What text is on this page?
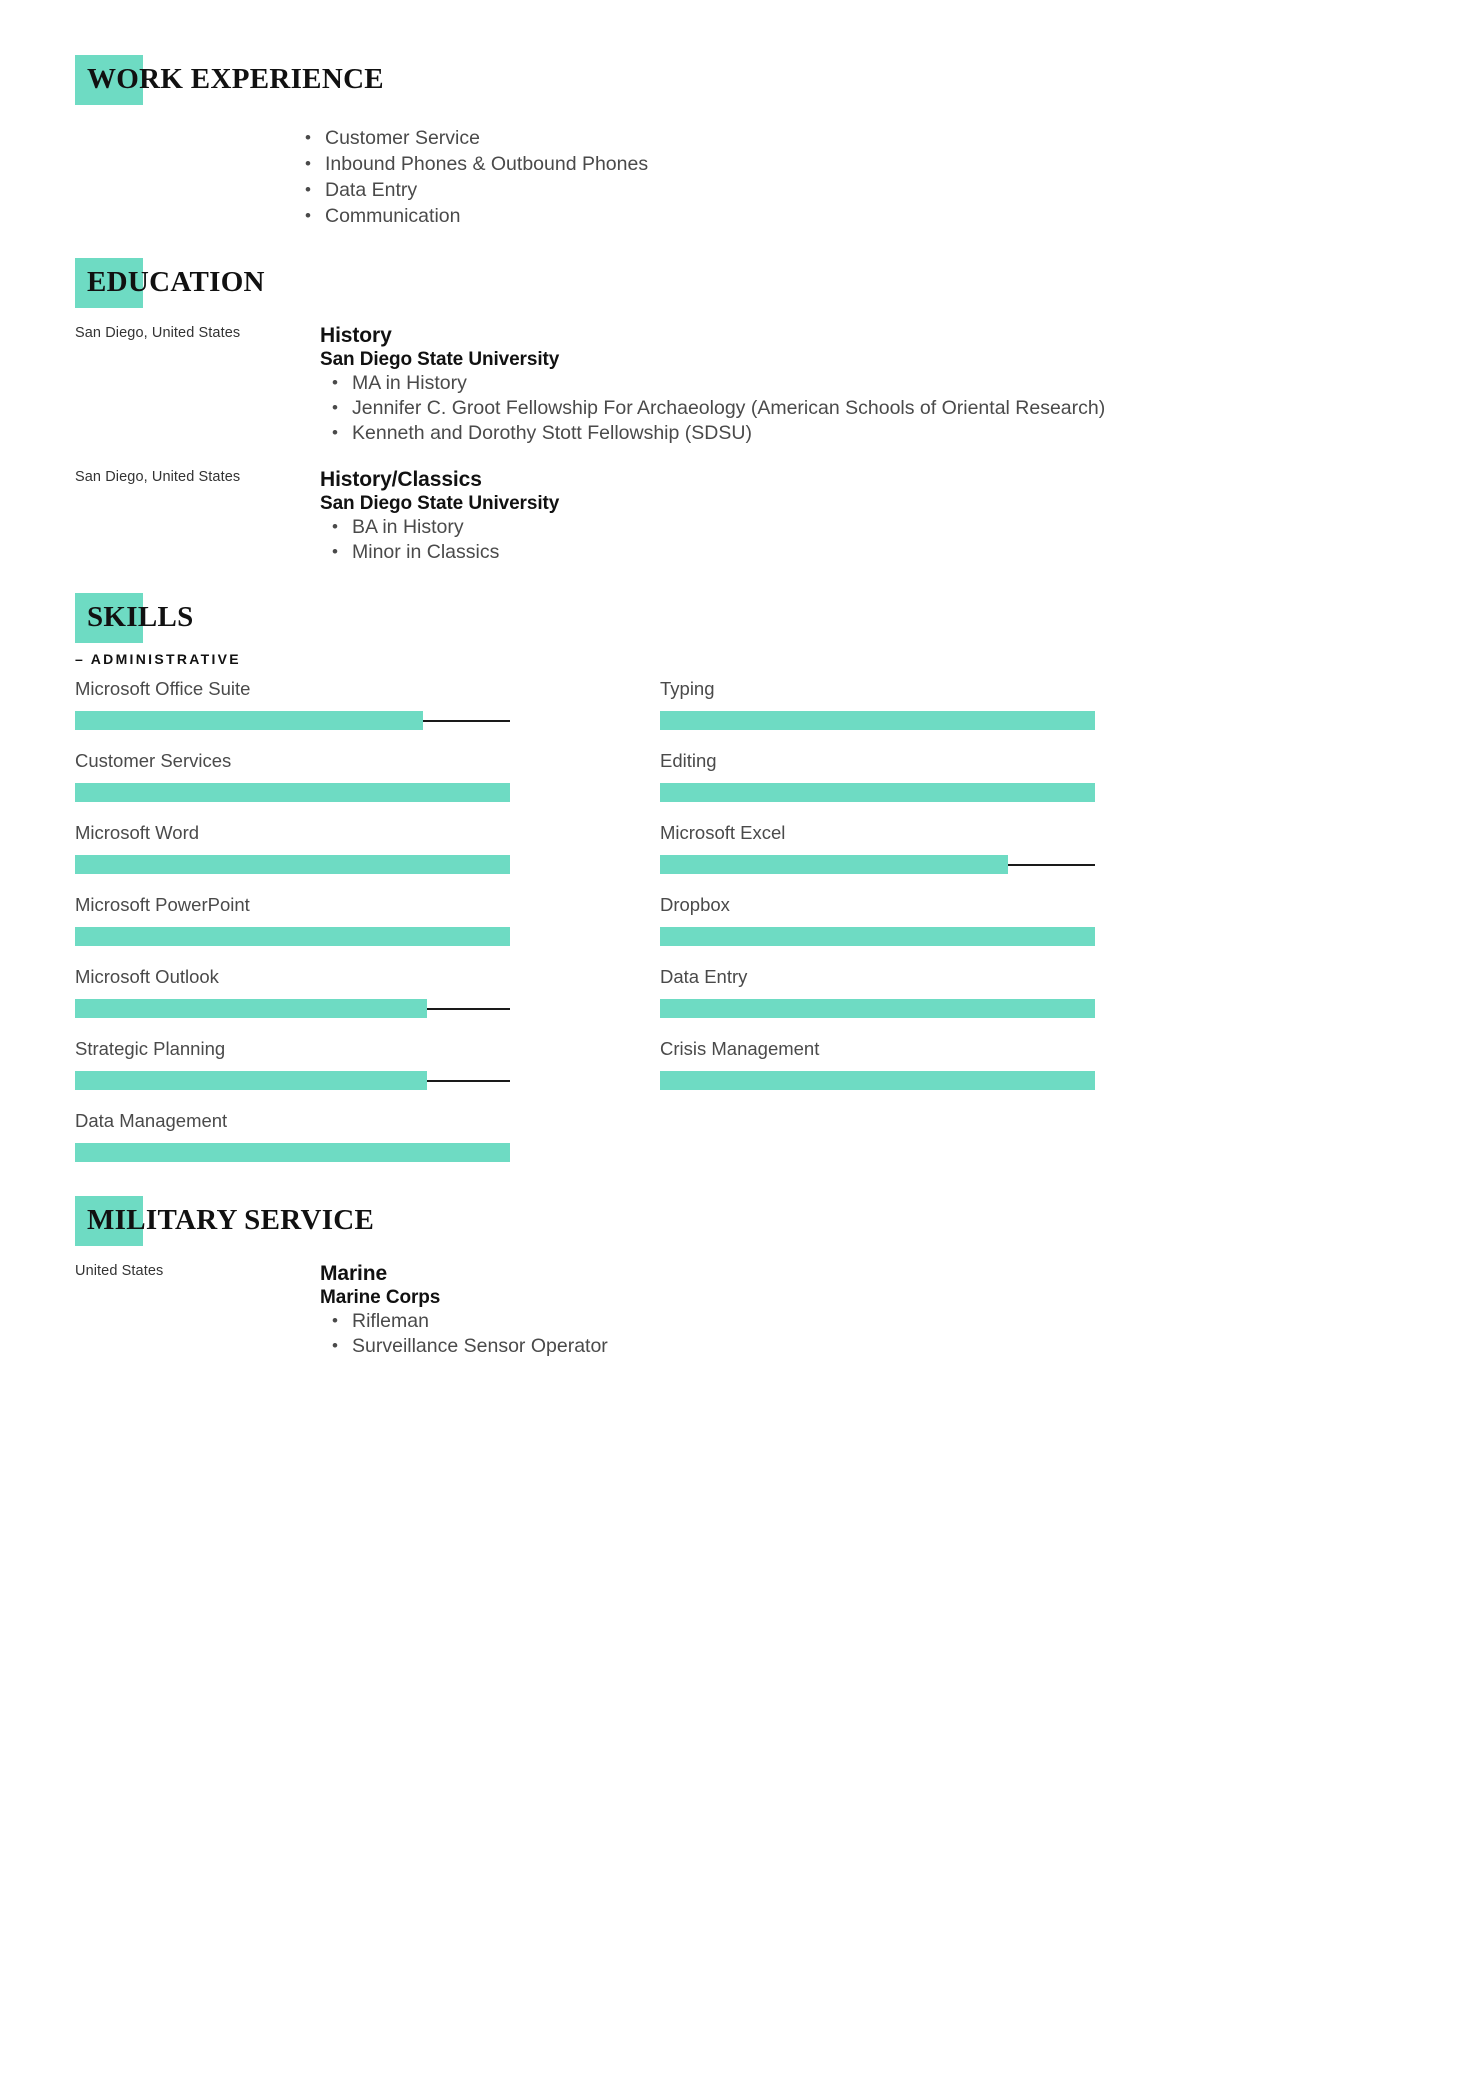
WORK EXPERIENCE
• Customer Service
• Inbound Phones & Outbound Phones
• Data Entry
• Communication
EDUCATION
San Diego, United States	History
San Diego State University
• MA in History
• Jennifer C. Groot Fellowship For Archaeology (American Schools of Oriental Research)
• Kenneth and Dorothy Stott Fellowship (SDSU)
San Diego, United States	History/Classics
San Diego State University
• BA in History
• Minor in Classics
SKILLS
– ADMINISTRATIVE
Microsoft Office Suite	Typing
Customer Services	Editing
Microsoft Word	Microsoft Excel
Microsoft PowerPoint	Dropbox
Microsoft Outlook	Data Entry
Strategic Planning	Crisis Management
Data Management
MILITARY SERVICE
United States	Marine
Marine Corps
• Rifleman
• Surveillance Sensor Operator
